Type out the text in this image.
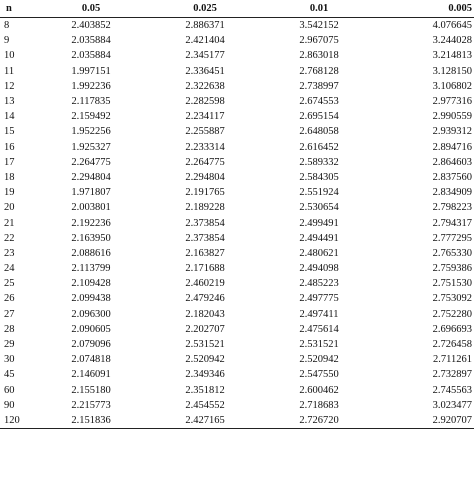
n	0.05	0.025	0.01	0.005
8	2.403852	2.886371	3.542152	4.076645
9	2.035884	2.421404	2.967075	3.244028
10	2.035884	2.345177	2.863018	3.214813
11	1.997151	2.336451	2.768128	3.128150
12	1.992236	2.322638	2.738997	3.106802
13	2.117835	2.282598	2.674553	2.977316
14	2.159492	2.234117	2.695154	2.990559
15	1.952256	2.255887	2.648058	2.939312
16	1.925327	2.233314	2.616452	2.894716
17	2.264775	2.264775	2.589332	2.864603
18	2.294804	2.294804	2.584305	2.837560
19	1.971807	2.191765	2.551924	2.834909
20	2.003801	2.189228	2.530654	2.798223
21	2.192236	2.373854	2.499491	2.794317
22	2.163950	2.373854	2.494491	2.777295
23	2.088616	2.163827	2.480621	2.765330
24	2.113799	2.171688	2.494098	2.759386
25	2.109428	2.460219	2.485223	2.751530
26	2.099438	2.479246	2.497775	2.753092
27	2.096300	2.182043	2.497411	2.752280
28	2.090605	2.202707	2.475614	2.696693
29	2.079096	2.531521	2.531521	2.726458
30	2.074818	2.520942	2.520942	2.711261
45	2.146091	2.349346	2.547550	2.732897
60	2.155180	2.351812	2.600462	2.745563
90	2.215773	2.454552	2.718683	3.023477
120	2.151836	2.427165	2.726720	2.920707
